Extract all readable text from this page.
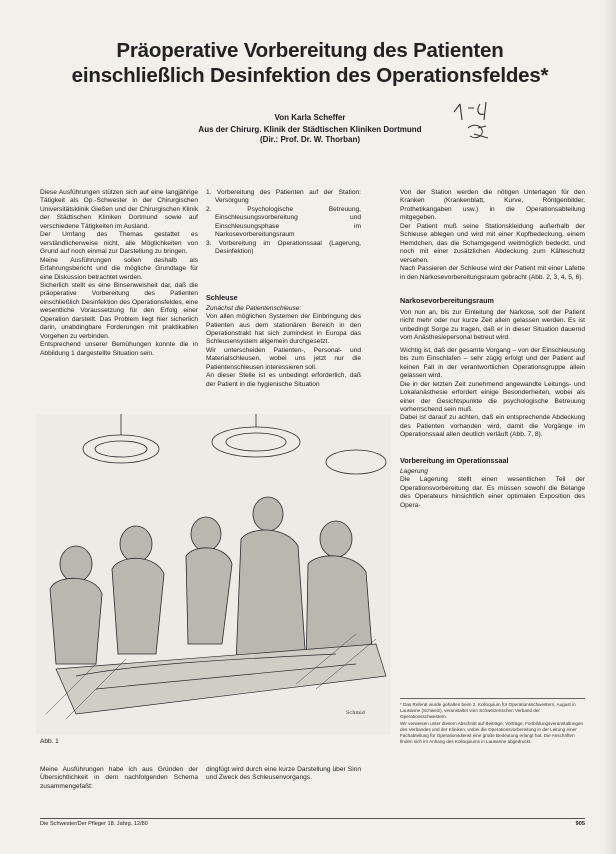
Präoperative Vorbereitung des Patienten
einschließlich Desinfektion des Operationsfeldes*
Von Karla Scheffer
Aus der Chirurg. Klinik der Städtischen Kliniken Dortmund
(Dir.: Prof. Dr. W. Thorban)

Diese Ausführungen stützen sich auf eine langjährige Tätigkeit als Op.-Schwester in der Chirurgischen Universitätsklinik Gießen und der Chirurgischen Klinik der Städtischen Kliniken Dortmund sowie auf verschiedene Tätigkeiten im Ausland.

Der Umfang des Themas gestattet es verständlicherweise nicht, alle Möglichkeiten von Grund auf noch einmal zur Darstellung zu bringen.

Meine Ausführungen sollen deshalb als Erfahrungsbericht und die mögliche Grundlage für eine Diskussion betrachtet werden.

Sicherlich stellt es eine Binsenweisheit dar, daß die präoperative Vorbereitung des Patienten einschließlich Desinfektion des Operationsfeldes, eine wesentliche Voraussetzung für den Erfolg einer Operation darstellt. Das Problem liegt hier sicherlich darin, unabdingbare Forderungen mit praktikablen Vorgehen zu verbinden.

Entsprechend unserer Bemühungen konnte die in Abbildung 1 dargestellte Situation sein.

1. Vorbereitung des Patienten auf der Station: Versorgung

2. Psychologische Betreuung, Einschleusungsvorbereitung und Einschleusungsphase im Narkosevorbereitungsraum

3. Vorbereitung im Operationssaal (Lagerung, Desinfektion)

Schleuse

Zunächst die Patientenschleuse:

Von allen möglichen Systemen der Einbringung des Patienten aus dem stationären Bereich in den Operationstrakt hat sich zumindest in Europa das Schleusensystem allgemein durchgesetzt.

Wir unterscheiden Patienten-, Personal- und Materialschleusen, wobei uns jetzt nur die Patientenschleusen interessieren soll.

An dieser Stelle ist es unbedingt erforderlich, daß der Patient in die hygienische Situation

Von der Station werden die nötigen Unterlagen für den Kranken (Krankenblatt, Kurve, Röntgenbilder, Prothetikangaben usw.) in die Operationsabteilung mitgegeben.

Der Patient muß seine Stationskleidung außerhalb der Schleuse ablegen und wird mit einer Kopfbedeckung, einem Hemdchen, das die Schamgegend weitmöglich bedeckt, und noch mit einer zusätzlichen Abdeckung zum Kälteschutz versehen.

Nach Passieren der Schleuse wird der Patient mit einer Lafette in den Narkosevorbereitungsraum gebracht (Abb. 2, 3, 4, 5, 6).

Narkosevorbereitungsraum

Von nun an, bis zur Einleitung der Narkose, soll der Patient nicht mehr oder nur kurze Zeit allein gelassen werden. Es ist unbedingt Sorge zu tragen, daß er in dieser Situation dauernd vom Anästhesiepersonal betreut wird.

Wichtig ist, daß der gesamte Vorgang – von der Einschleusung bis zum Einschlafen – sehr zügig erfolgt und der Patient auf keinen Fall in der verantwortlichen Operationsgruppe allein gelassen wird.

Die in der letzten Zeit zunehmend angewandte Leitungs- und Lokalanästhesie erfordert einige Besonderheiten, wobei als einer der Gesichtspunkte die psychologische Betreuung vorherrschend sein muß.

Dabei ist darauf zu achten, daß ein entsprechende Abdeckung des Patienten vorhanden wird, damit die Vorgänge im Operationssaal allen deutlich verläuft (Abb. 7, 8).

Vorbereitung im Operationssaal

Lagerung

Die Lagerung stellt einen wesentlichen Teil der Operationsvorbereitung dar. Es müssen sowohl die Belange des Operateurs hinsichtlich einer optimalen Exposition des Opera-

Schmid
Abb. 1

Meine Ausführungen habe ich aus Gründen der Übersichtlichkeit in dem nachfolgenden Schema zusammengefaßt:

dingfügt wird durch eine kurze Darstellung über Sinn und Zweck des Schleusenvorgangs.

* Das Referat wurde gehalten beim 2. Kolloquium für Operationsschwestern, August in Lausanne (Schweiz), veranstaltet vom Schweizerischen Verband der Operationsschwestern.

Wir verweisen unter diesem Abschnitt auf Beiträge, Vorträge, Fortbildungsveranstaltungen des Verbandes und der Kliniken, wobei die Operationsvorbereitung in der Leitung einer Fachabteilung für Operationsdienst eine große Bedeutung erlangt hat. Die Anschriften finden sich im Anhang des Kolloquiums in Lausanne abgedruckt.

Die Schwester/Der Pfleger 18. Jahrg. 12/80	905
